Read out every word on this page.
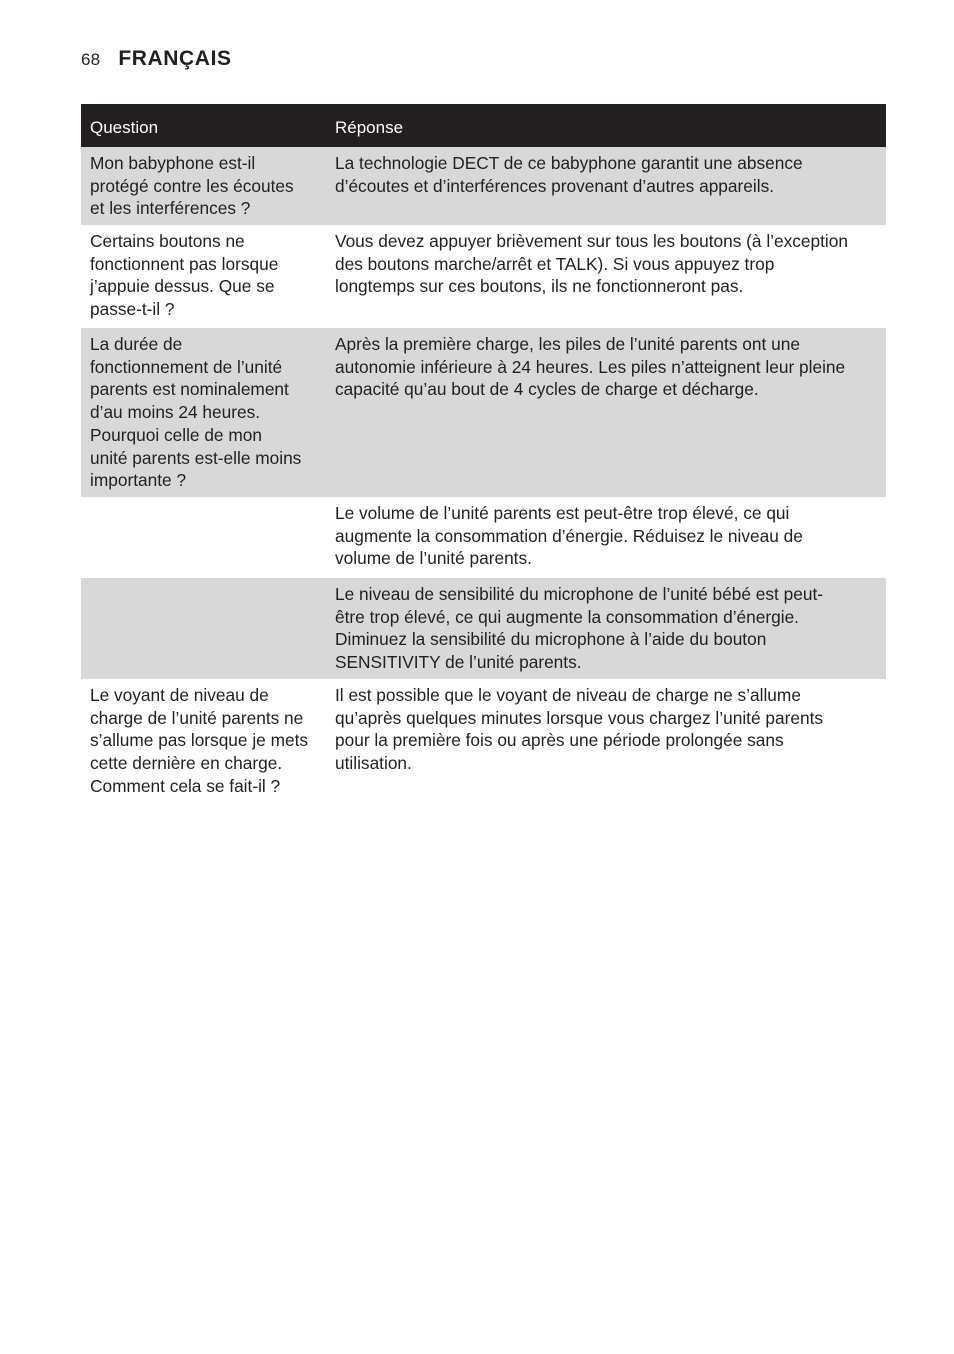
68 FRANÇAIS
Question	Réponse
Mon babyphone est-il
protégé contre les écoutes
et les interférences ?
La technologie DECT de ce babyphone garantit une absence
d’écoutes et d’interférences provenant d’autres appareils.
Certains boutons ne
fonctionnent pas lorsque
j’appuie dessus. Que se
passe-t-il ?
Vous devez appuyer brièvement sur tous les boutons (à l’exception
des boutons marche/arrêt et TALK). Si vous appuyez trop
longtemps sur ces boutons, ils ne fonctionneront pas.
La durée de
fonctionnement de l’unité
parents est nominalement
d’au moins 24 heures.
Pourquoi celle de mon
unité parents est-elle moins
importante ?
Après la première charge, les piles de l’unité parents ont une
autonomie inférieure à 24 heures. Les piles n’atteignent leur pleine
capacité qu’au bout de 4 cycles de charge et décharge.
Le volume de l’unité parents est peut-être trop élevé, ce qui
augmente la consommation d’énergie. Réduisez le niveau de
volume de l’unité parents.
Le niveau de sensibilité du microphone de l’unité bébé est peut-
être trop élevé, ce qui augmente la consommation d’énergie.
Diminuez la sensibilité du microphone à l’aide du bouton
SENSITIVITY de l’unité parents.
Le voyant de niveau de
charge de l’unité parents ne
s’allume pas lorsque je mets
cette dernière en charge.
Comment cela se fait-il ?
Il est possible que le voyant de niveau de charge ne s’allume
qu’après quelques minutes lorsque vous chargez l’unité parents
pour la première fois ou après une période prolongée sans
utilisation.
